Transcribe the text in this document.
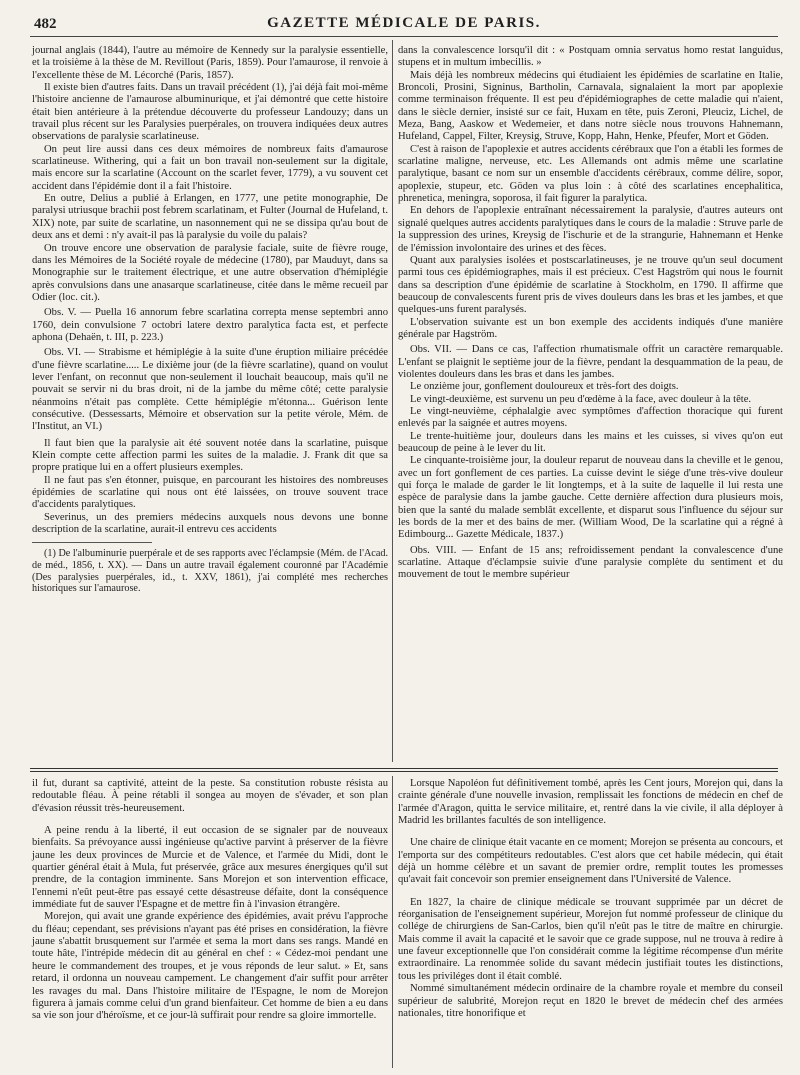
482	GAZETTE MÉDICALE DE PARIS.

journal anglais (1844), l'autre au mémoire de Kennedy sur la paralysie essentielle, et la troisième à la thèse de M. Revillout (Paris, 1859). Pour l'amaurose, il renvoie à l'excellente thèse de M. Lécorché (Paris, 1857).

Il existe bien d'autres faits. Dans un travail précédent (1), j'ai déjà fait moi-même l'histoire ancienne de l'amaurose albuminurique, et j'ai démontré que cette histoire était bien antérieure à la prétendue découverte du professeur Landouzy; dans un travail plus récent sur les Paralysies puerpérales, on trouvera indiquées deux autres observations de paralysie scarlatineuse.

On peut lire aussi dans ces deux mémoires de nombreux faits d'amaurose scarlatineuse. Withering, qui a fait un bon travail non-seulement sur la digitale, mais encore sur la scarlatine (Account on the scarlet fever, 1779), a vu souvent cet accident dans l'épidémie dont il a fait l'histoire.

En outre, Delius a publié à Erlangen, en 1777, une petite monographie, De paralysi utriusque brachii post febrem scarlatinam, et Fulter (Journal de Hufeland, t. XIX) note, par suite de scarlatine, un nasonnement qui ne se dissipa qu'au bout de deux ans et demi : n'y avait-il pas là paralysie du voile du palais?

On trouve encore une observation de paralysie faciale, suite de fièvre rouge, dans les Mémoires de la Société royale de médecine (1780), par Mauduyt, dans sa Monographie sur le traitement électrique, et une autre observation d'hémiplégie après convulsions dans une anasarque scarlatineuse, citée dans le même recueil par Odier (loc. cit.).

Obs. V. — Puella 16 annorum febre scarlatina correpta mense septembri anno 1760, dein convulsione 7 octobri latere dextro paralytica facta est, et perfecte aphona (Dehaën, t. III, p. 223.)

Obs. VI. — Strabisme et hémiplégie à la suite d'une éruption miliaire précédée d'une fièvre scarlatine..... Le dixième jour (de la fièvre scarlatine), quand on voulut lever l'enfant, on reconnut que non-seulement il louchait beaucoup, mais qu'il ne pouvait se servir ni du bras droit, ni de la jambe du même côté; cette paralysie néanmoins n'était pas complète. Cette hémiplégie m'étonna... Guérison lente consécutive. (Dessessarts, Mémoire et observation sur la petite vérole, Mém. de l'Institut, an VI.)

Il faut bien que la paralysie ait été souvent notée dans la scarlatine, puisque Klein compte cette affection parmi les suites de la maladie. J. Frank dit que sa propre pratique lui en a offert plusieurs exemples.

Il ne faut pas s'en étonner, puisque, en parcourant les histoires des nombreuses épidémies de scarlatine qui nous ont été laissées, on trouve souvent trace d'accidents paralytiques.

Severinus, un des premiers médecins auxquels nous devons une bonne description de la scarlatine, aurait-il entrevu ces accidents

(1) De l'albuminurie puerpérale et de ses rapports avec l'éclampsie (Mém. de l'Acad. de méd., 1856, t. XX). — Dans un autre travail également couronné par l'Académie (Des paralysies puerpérales, id., t. XXV, 1861), j'ai complété mes recherches historiques sur l'amaurose.

dans la convalescence lorsqu'il dit : « Postquam omnia servatus homo restat languidus, stupens et in multum imbecillis. »

Mais déjà les nombreux médecins qui étudiaient les épidémies de scarlatine en Italie, Broncoli, Prosini, Signinus, Bartholin, Carnavala, signalaient la mort par apoplexie comme terminaison fréquente. Il est peu d'épidémiographes de cette maladie qui n'aient, dans le siècle dernier, insisté sur ce fait, Huxam en tête, puis Zeroni, Pleuciz, Lichel, de Meza, Bang, Aaskow et Wedemeier, et dans notre siècle nous trouvons Hahnemann, Hufeland, Cappel, Filter, Kreysig, Struve, Kopp, Hahn, Henke, Pfeufer, Mort et Göden.

C'est à raison de l'apoplexie et autres accidents cérébraux que l'on a établi les formes de scarlatine maligne, nerveuse, etc. Les Allemands ont admis même une scarlatine paralytique, basant ce nom sur un ensemble d'accidents cérébraux, comme délire, sopor, apoplexie, stupeur, etc. Göden va plus loin : à côté des scarlatines encephalitica, phrenetica, meningra, soporosa, il fait figurer la paralytica.

En dehors de l'apoplexie entraînant nécessairement la paralysie, d'autres auteurs ont signalé quelques autres accidents paralytiques dans le cours de la maladie : Struve parle de la suppression des urines, Kreysig de l'ischurie et de la strangurie, Hahnemann et Henke de l'émission involontaire des urines et des fèces.

Quant aux paralysies isolées et postscarlatineuses, je ne trouve qu'un seul document parmi tous ces épidémiographes, mais il est précieux. C'est Hagström qui nous le fournit dans sa description d'une épidémie de scarlatine à Stockholm, en 1790. Il affirme que beaucoup de convalescents furent pris de vives douleurs dans les bras et les jambes, et que quelques-uns furent paralysés.

L'observation suivante est un bon exemple des accidents indiqués d'une manière générale par Hagström.

Obs. VII. — Dans ce cas, l'affection rhumatismale offrit un caractère remarquable. L'enfant se plaignit le septième jour de la fièvre, pendant la desquammation de la peau, de violentes douleurs dans les bras et dans les jambes.

Le onzième jour, gonflement douloureux et très-fort des doigts.

Le vingt-deuxième, est survenu un peu d'œdème à la face, avec douleur à la tête.

Le vingt-neuvième, céphalalgie avec symptômes d'affection thoracique qui furent enlevés par la saignée et autres moyens.

Le trente-huitième jour, douleurs dans les mains et les cuisses, si vives qu'on eut beaucoup de peine à le lever du lit.

Le cinquante-troisième jour, la douleur reparut de nouveau dans la cheville et le genou, avec un fort gonflement de ces parties. La cuisse devint le siége d'une très-vive douleur qui força le malade de garder le lit longtemps, et à la suite de laquelle il lui resta une espèce de paralysie dans la jambe gauche. Cette dernière affection dura plusieurs mois, bien que la santé du malade semblât excellente, et disparut sous l'influence du séjour sur les bords de la mer et des bains de mer. (William Wood, De la scarlatine qui a régné à Edimbourg... Gazette Médicale, 1837.)

Obs. VIII. — Enfant de 15 ans; refroidissement pendant la convalescence d'une scarlatine. Attaque d'éclampsie suivie d'une paralysie complète du sentiment et du mouvement de tout le membre supérieur

il fut, durant sa captivité, atteint de la peste. Sa constitution robuste résista au redoutable fléau. À peine rétabli il songea au moyen de s'évader, et son plan d'évasion réussit très-heureusement.

A peine rendu à la liberté, il eut occasion de se signaler par de nouveaux bienfaits. Sa prévoyance aussi ingénieuse qu'active parvint à préserver de la fièvre jaune les deux provinces de Murcie et de Valence, et l'armée du Midi, dont le quartier général était à Mula, fut préservée, grâce aux mesures énergiques qu'il sut prendre, de la contagion imminente. Sans Morejon et son intervention efficace, l'ennemi n'eût peut-être pas essayé cette désastreuse défaite, dont la conséquence immédiate fut de sauver l'Espagne et de mettre fin à l'invasion étrangère.

Morejon, qui avait une grande expérience des épidémies, avait prévu l'approche du fléau; cependant, ses prévisions n'ayant pas été prises en considération, la fièvre jaune s'abattit brusquement sur l'armée et sema la mort dans ses rangs. Mandé en toute hâte, l'intrépide médecin dit au général en chef : « Cédez-moi pendant une heure le commandement des troupes, et je vous réponds de leur salut. » Et, sans retard, il ordonna un nouveau campement. Le changement d'air suffit pour arrêter les ravages du mal. Dans l'histoire militaire de l'Espagne, le nom de Morejon figurera à jamais comme celui d'un grand bienfaiteur. Cet homme de bien a eu dans sa vie son jour d'héroïsme, et ce jour-là suffirait pour rendre sa gloire immortelle.

Lorsque Napoléon fut définitivement tombé, après les Cent jours, Morejon qui, dans la crainte générale d'une nouvelle invasion, remplissait les fonctions de médecin en chef de l'armée d'Aragon, quitta le service militaire, et, rentré dans la vie civile, il alla déployer à Madrid les brillantes facultés de son intelligence.

Une chaire de clinique était vacante en ce moment; Morejon se présenta au concours, et l'emporta sur des compétiteurs redoutables. C'est alors que cet habile médecin, qui était déjà un homme célèbre et un savant de premier ordre, remplit toutes les promesses qu'avait fait concevoir son premier enseignement dans l'Université de Valence.

En 1827, la chaire de clinique médicale se trouvant supprimée par un décret de réorganisation de l'enseignement supérieur, Morejon fut nommé professeur de clinique du collége de chirurgiens de San-Carlos, bien qu'il n'eût pas le titre de maître en chirurgie. Mais comme il avait la capacité et le savoir que ce grade suppose, nul ne trouva à redire à une faveur exceptionnelle que l'on considérait comme la légitime récompense d'un mérite extraordinaire. La renommée solide du savant médecin justifiait toutes les distinctions, tous les priviléges dont il était comblé.

Nommé simultanément médecin ordinaire de la chambre royale et membre du conseil supérieur de salubrité, Morejon reçut en 1820 le brevet de médecin chef des armées nationales, titre honorifique et
